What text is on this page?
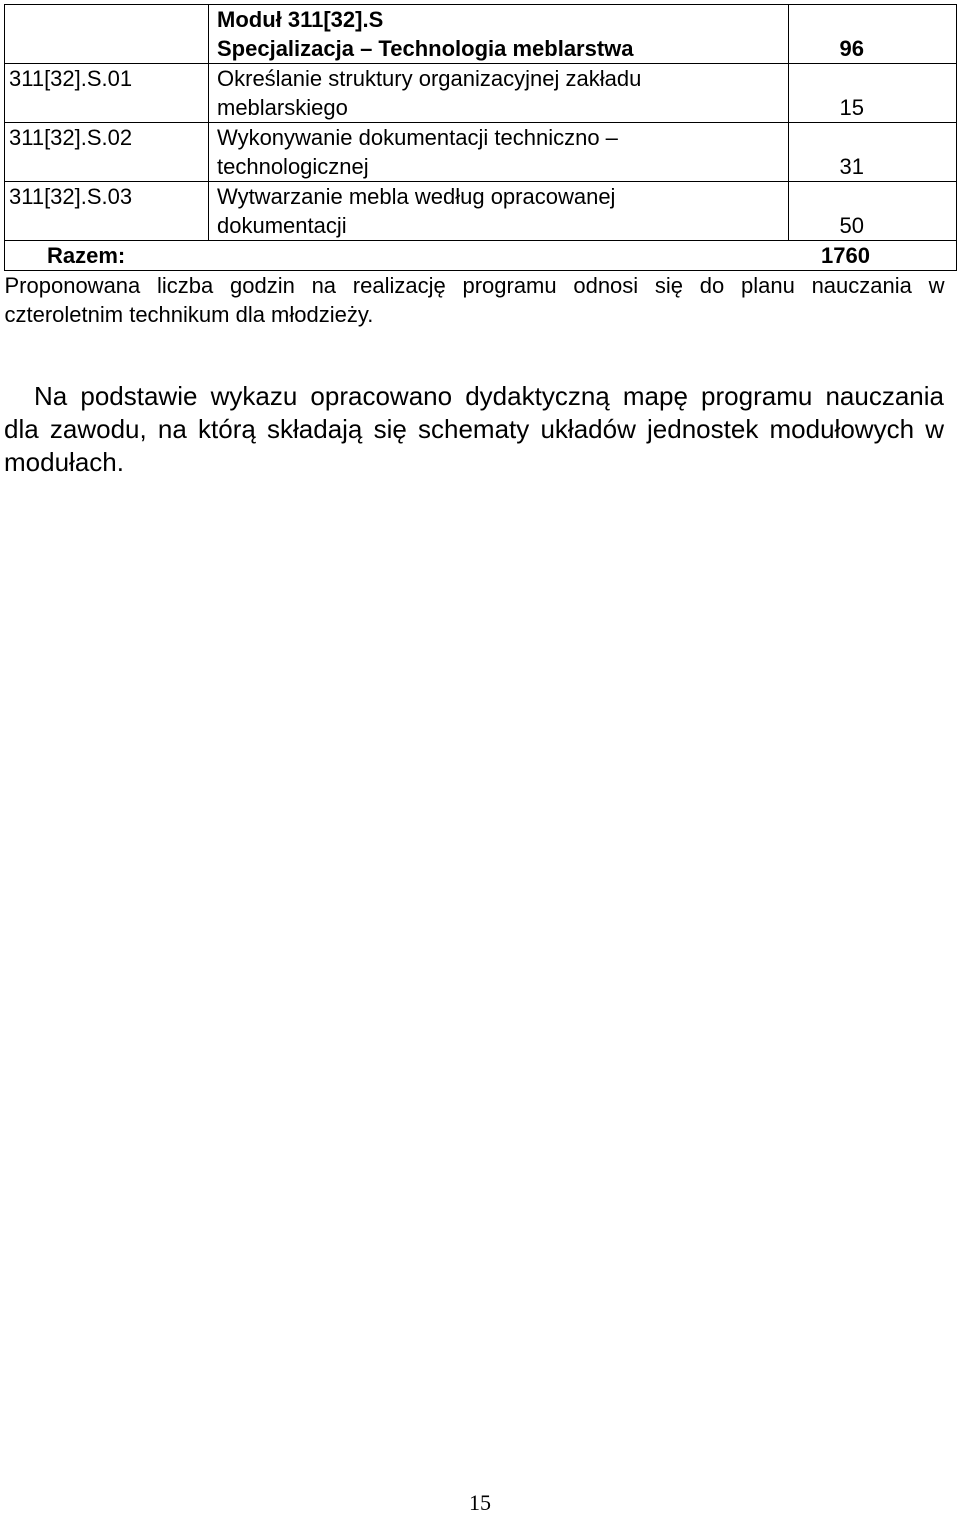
	Moduł 311[32].S
Specjalizacja – Technologia meblarstwa	96
311[32].S.01	Określanie struktury organizacyjnej zakładu
meblarskiego	15
311[32].S.02	Wykonywanie dokumentacji techniczno –
technologicznej	31
311[32].S.03	Wytwarzanie mebla według opracowanej
dokumentacji	50

Razem: 1760		

Proponowana liczba godzin na realizację programu odnosi się do planu nauczania w czteroletnim technikum dla młodzieży.		

Na podstawie wykazu opracowano dydaktyczną mapę programu nauczania dla zawodu, na którą składają się schematy układów jednostek modułowych w modułach.

15
